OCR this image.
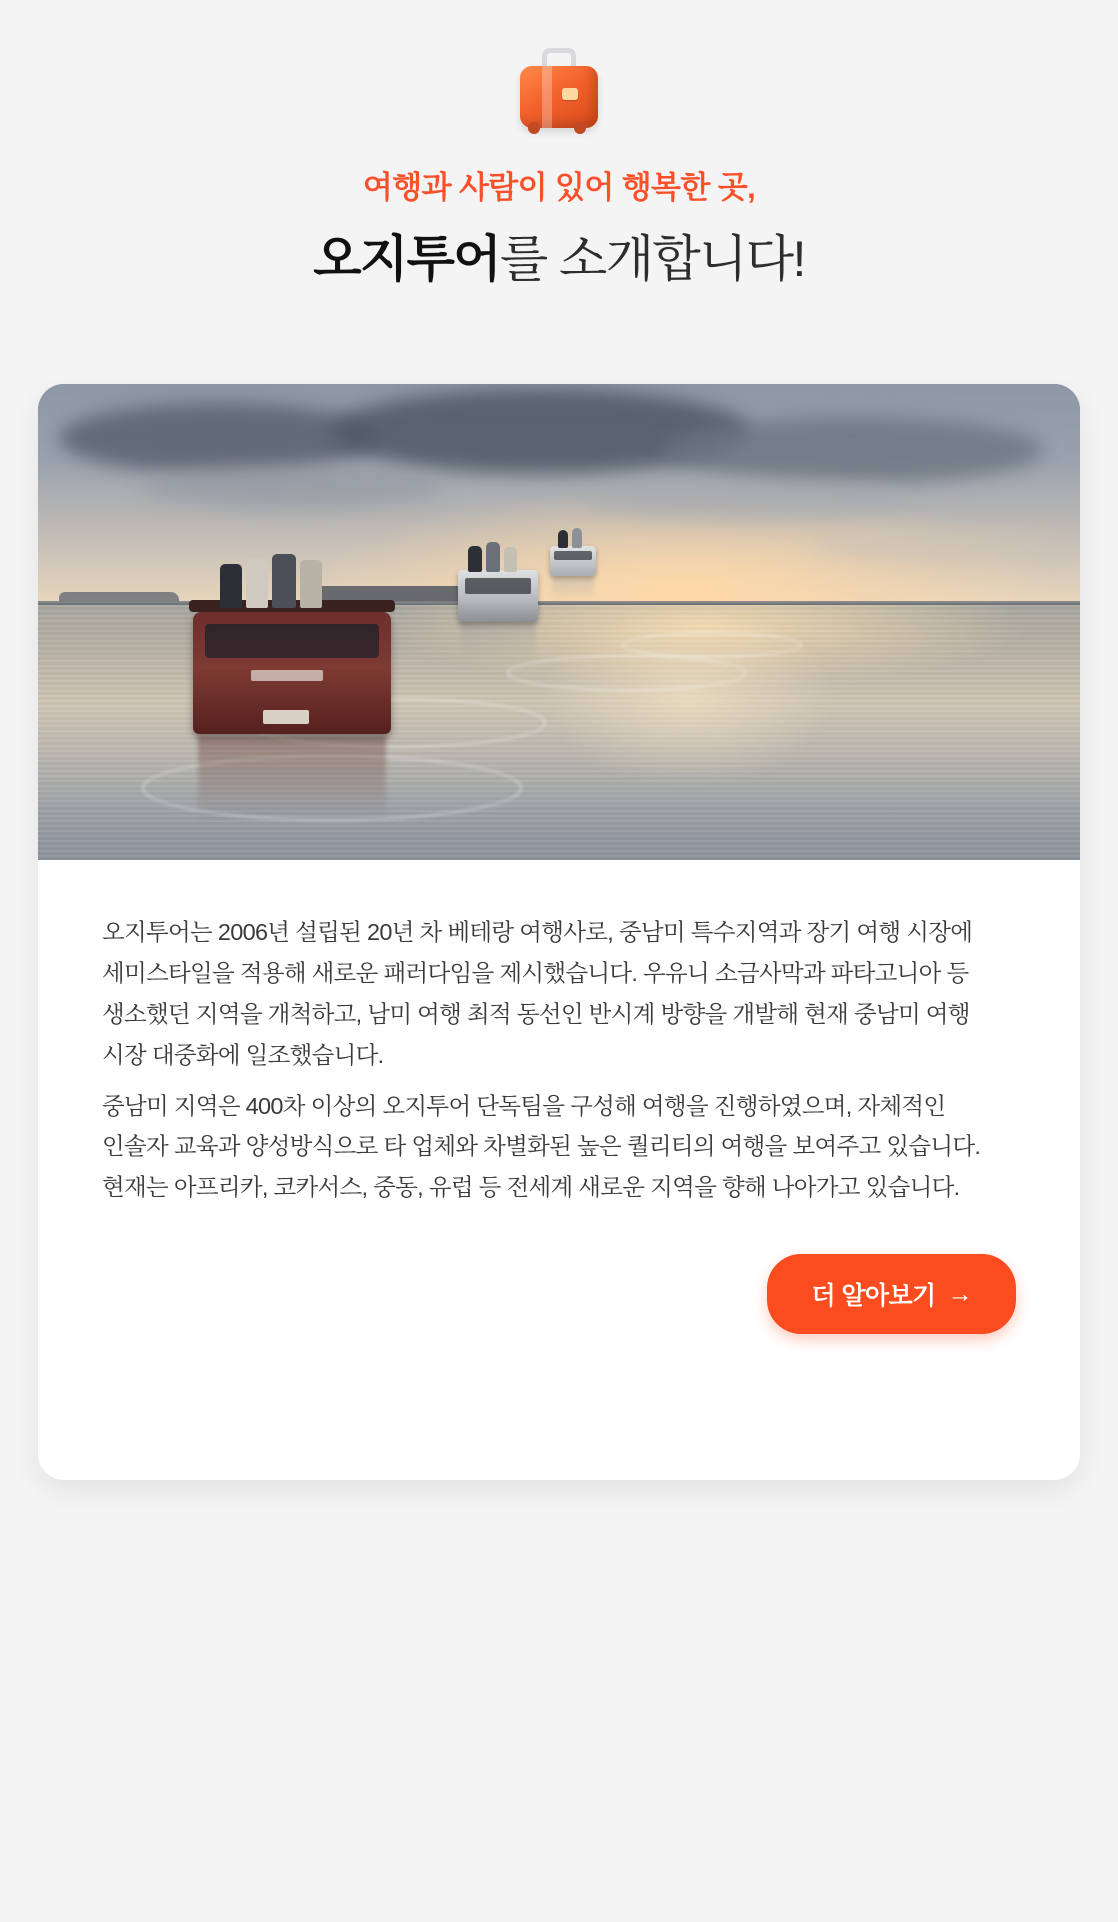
여행과 사람이 있어 행복한 곳,
오지투어를 소개합니다!

오지투어는 2006년 설립된 20년 차 베테랑 여행사로, 중남미 특수지역과 장기 여행 시장에 세미스타일을 적용해 새로운 패러다임을 제시했습니다. 우유니 소금사막과 파타고니아 등 생소했던 지역을 개척하고, 남미 여행 최적 동선인 반시계 방향을 개발해 현재 중남미 여행 시장 대중화에 일조했습니다.

중남미 지역은 400차 이상의 오지투어 단독팀을 구성해 여행을 진행하였으며, 자체적인 인솔자 교육과 양성방식으로 타 업체와 차별화된 높은 퀄리티의 여행을 보여주고 있습니다. 현재는 아프리카, 코카서스, 중동, 유럽 등 전세계 새로운 지역을 향해 나아가고 있습니다.

더 알아보기 →
